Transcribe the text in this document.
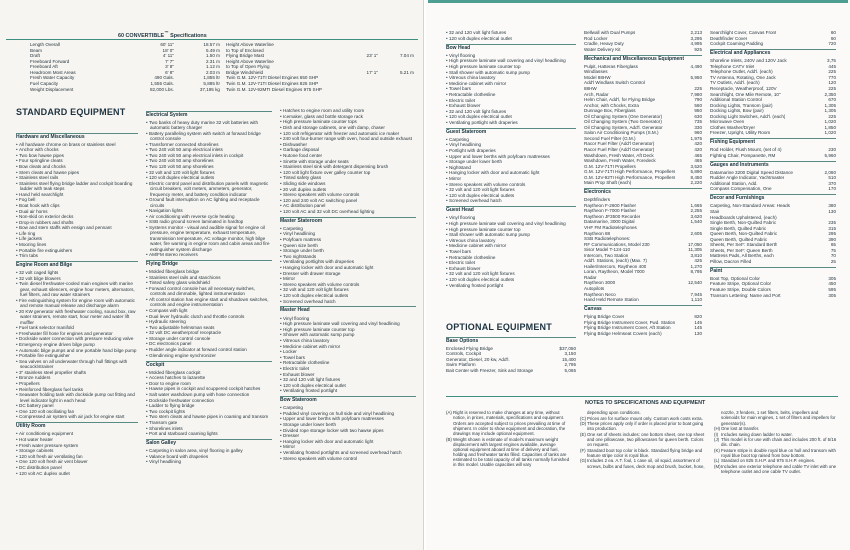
60 CONVERTIBLE™ Specifications
Length Overall	60' 11"	18.57 m
Beam	18' 0"	5.49 m
Draft	4' 11"	1.50 m
Freeboard Forward	7' 7"	2.31 m
Freeboard Aft	3' 8"	1.12 m
Headroom Most Areas	6' 8"	2.03 m
Fresh Water Capacity	490 Gals.	1,855 ltr
Fuel Capacity	1,555 Gals.	5,885 ltr
Weight Displacement	82,000 Lbs.	37,195 kg
Height Above Waterline
to Top of Enclosed
Flying Bridge Mast	23' 1"	7.04 m
Height Above Waterline
to Top of Open Flying
Bridge Windshield	17' 1"	5.21 m
Twin G.M. 12V-71TI Diesel Engines 650 SHP
Twin G.M. 12V-71TI Diesel Engines 825 SHP
Twin G.M. 12V-92MTI Diesel Engines 975 SHP
STANDARD EQUIPMENT
Hardware and Miscellaneous
• All hardware chrome on brass or stainless steel
• Anchor with chocks
• Two bow hawse pipes
• Four springline cleats
• Bow cleats and chocks
• Stern cleats and hawse pipes
• Stainless steel rails
• Stainless steel flying bridge ladder and cockpit boarding ladder with teak steps
• Hand held searchlight
• Fog bell
• Boat hook with clips
• Dual air horns
• Non-skid on exterior decks
• Drop-in rubbers and shafts
• Bow and stern staffs with ensign and pennant
• Life ring
• Life jackets
• Mooring lines
• Portable fire extinguishers
• Trim tabs
Engine Room and Bilge
• 32 volt caged lights
• 32 volt bilge blowers
• Twin diesel freshwater-cooled main engines with marine gear, exhaust silencers, engine hour meters, alternators, fuel filters, and raw water strainers
• Fire extinguishing system for engine room with automatic and remote manual release and discharge alarm
• 20 KW generator with freshwater cooling, sound box, raw water strainers, remote start, hour meter and water lift muffler
• Fuel tank selector manifold
• Freshwater fill hose for engines and generator
• Dockside water connection with pressure reducing valve
• Emergency engine driven bilge pump
• Automatic bilge pumps and one portable hand bilge pump
• Portable fire extinguisher
• Sea valves on all underwater through hull fittings with seacock/strainer
• 3" stainless steel propeller shafts
• Bronze rudders
• Propellers
• Reinforced fiberglass fuel tanks
• Seawater holding tank with dockside pump out fitting and level indicator light in each head
• DC battery panel
• One 120 volt oscillating fan
• Compressed air system with air jack for engine start
Utility Room
• Air conditioning equipment
• Hot water heater
• Fresh water pressure system
• Storage cabinets
• 120 volt fresh air ventilating fan
• One 120 volt fresh air vent blower
• DC distribution panel
• 120 volt AC duplex outlet
Electrical System
• Two banks of heavy duty marine 32 volt batteries with automatic battery charger
• Battery paralleling system with switch at forward bridge control console
• Transformer connected shorelines
• Two 240 volt 50 amp electrical inlets
• Two 240 volt 50 amp electrical inlets in cockpit
• Two 240 volt 50 amp shorelines
• Two 120 volt 50 amp shorelines
• 32 volt and 120 volt light fixtures
• 120 volt duplex electrical outlets
• Electric control panel and distribution panels with magnetic circuit breakers, volt meters, ammeters, generator, frequency meter, and battery condition indicator
• Ground fault interruption on AC lighting and receptacle circuits
• Navigation lights
• Air conditioning with reverse cycle heating
• SSB radio ground screen laminated in hardtop
• Systems monitor - visual and audible signal for engine oil pressure, engine temperature, exhaust temperature, transmission temperature, AC voltage monitor, high bilge water, fire warning in engine room and cabin areas and fire extinguisher system discharge
• AM/FM stereo receivers
Flying Bridge
• Molded fiberglass bridge
• Stainless steel rails and stanchions
• Tinted safety glass windshield
• Forward control console has all necessary switches, controls and dimmable, lighted instrumentation
• Aft control station has engine start and shutdown switches, controls and engine instrumentation
• Compass with light
• Dual lever hydraulic clutch and throttle controls
• Hydraulic steering
• Two adjustable helmsman seats
• 32 volt DC weatherproof receptacle
• Storage under control console
• DC electronics panel
• Rudder angle indicator at forward control station
• Glendinning engine synchronizer
Cockpit
• Molded fiberglass cockpit
• Access hatches to lazarette
• Door to engine room
• Hawse pipes in cockpit and scuppered cockpit hatches
• Salt water washdown pump with hose connection
• Dockside freshwater connection
• Ladder to flying bridge
• Two cockpit lights
• Two stern cleats and hawse pipes in coaming and transom
• Transom gate
• Shorelines inlets
• Port and starboard coaming lights
Salon Galley
• Carpeting in salon area, vinyl flooring in galley
• Valance board with draperies
• Vinyl headlining
• Hatches to engine room and utility room
• Icemaker, glass and bottle storage rack
• High pressure laminate counter tops
• Dish and storage cabinets, one with damp, chaser
• 120 volt refrigerator with freezer and automatic ice maker
• 240 volt four-burner range with oven, hood and outside exhaust
• Dishwasher
• Garbage disposal
• Nutone food center
• Sinette with storage under seats
• Stainless steel sink with detergent dispensing brush
• 120 volt light fixture over galley counter top
• Tinted safety glass
• Sliding side windows
• 20 volt duplex outlets
• Stereo speakers with volume controls
• 120 and 240 volt AC switching panel
• AC distribution panel
• 120 volt AC and 32 volt DC overhead lighting
Master Stateroom
• Carpeting
• Vinyl headlining
• Polyfoam mattress
• Queen size berth
• Storage under berth
• Two nightstands
• Ventilating portlights with draperies
• Hanging locker with door and automatic light
• Dresser with drawer storage
• Mirror
• Stereo speakers with volume controls
• 32 volt and 120 volt light fixtures
• 120 volt duplex electrical outlets
• Screened overhead hatch
Master Head
• Vinyl flooring
• High pressure laminate wall covering and vinyl headlining
• High pressure laminate counter top
• Shower with automatic sump pump
• Vitreous china lavatory
• Medicine cabinet with mirror
• Locker
• Towel bars
• Retractable clothesline
• Electric toilet
• Exhaust blower
• 32 and 120 volt light fixtures
• 120 volt duplex electrical outlet
• Ventilating frosted portlight
Bow Stateroom
• Carpeting
• Padded vinyl covering on hull side and vinyl headlining
• Upper and lower berths with polyfoam mattresses
• Storage under lower berth
• Divided rope storage locker with two hawse pipes
• Dresser
• Hanging locker with door and automatic light
• Mirror
• Ventilating frosted portlights and screened overhead hatch
• Stereo speakers with volume control
• 32 and 120 volt light fixtures
• 120 volt duplex electrical outlet
Bow Head
• Vinyl flooring
• High pressure laminate wall covering and vinyl headlining
• High pressure laminate counter top
• Stall shower with automatic sump pump
• Vitreous china lavatory
• Medicine cabinet with mirror
• Towel bars
• Retractable clothesline
• Electric toilet
• Exhaust blower
• 32 and 120 volt light fixtures
• 120 volt duplex electrical outlet
• Ventilating portlight with draperies
Guest Stateroom
• Carpeting
• Vinyl headlining
• Portlight with draperies
• Upper and lower berths with polyfoam mattresses
• Storage under lower berth
• Nightstand
• Hanging locker with door and automatic light
• Mirror
• Stereo speakers with volume controls
• 32 volt and 120 volt light fixtures
• 120 volt duplex electrical outlets
• Screened overhead hatch
Guest Head
• Vinyl flooring
• High pressure laminate wall covering and vinyl headlining
• High pressure laminate counter top
• Stall shower with automatic sump pump
• Vitreous china lavatory
• Medicine cabinet with mirror
• Towel bars
• Retractable clothesline
• Electric toilet
• Exhaust blower
• 32 volt and 120 volt light fixtures
• 120 volt duplex electrical outlets
• Ventilating frosted portlight
OPTIONAL EQUIPMENT
Base Options
Enclosed Flying Bridge	$37,050
Controls, Cockpit	3,150
Generator, Diesel, 20 kw, Add'l.	15,400
Swim Platform	2,795
Bait Center with Freezer, Sink and Storage	5,065
Bellwall with Dual Pumps	2,213
Rod Locker	3,295
Cradle, Heavy Duty	4,995
Water Delivery Kit	925
Mechanical and Miscellaneous Equipment
Pulpit, Hatteras Fiberglass	4,490
Windlasses
Model 88HW	5,950
Add'l Windlass Switch Control
88HW	225
Arch, Radar	7,980
Helm Chair, Add'l, for Flying Bridge	790
Anchor, with Chocks, Extra	560
Dunnage Box, Fiberglass	950
Oil Changing System (One Generator)	630
Oil Changing System (Two Generator)	735
Oil Changing System, Add'l. Generator	330
Salon Air Conditioning Pumps (S.M.)	960
Second Fuel Filter (G.M.)	1,975
Racor Fuel Filter (Add'l Generator)	420
Racor Fuel Filter (Add'l Generator)	420
Washdown, Fresh Water, Aft Deck	465
Washdown, Fresh Water, Foredeck	465
G.M. 12V-71TI Propellers	3,520
G.M. 12V-71TI High Performance, Propellers	5,890
G.M. 12V-92TI High Performance, Propellers	8,450
Main Prop Shaft (each)	2,220
Electronics
Depthfinders
Raytheon F-2600 Flasher	1,665
Raytheon F-7000 Flasher	2,255
Raytheon JF3500 Recorder	3,620
Datamarine, 3000 Digital	1,540
VHF FM Radiotelephones
Raytheon 88	2,605
SSB Radiotelephones:
RF Communications, Model 230	17,050
Sisor Model T-124-110	11,305
Intercom, Two Station	3,810
Add'l. Stations, (each) (Max. 7)	425
Hailer/Intercom, Raytheon 400	1,270
Loran, Raytheon, Model 7000	8,795
Radar
Raytheon 3000	12,540
Autopilots
Raytheon Neco	7,945
Hand Held Remote Station	1,110
Canvas
Flying Bridge Cover	820
Flying Bridge Instrument Cover, Fwd. Station	145
Flying Bridge Instrument Cover, Aft Station	145
Flying Bridge Helmseat Covers (each)	130
Searchlight Cover, Canvas Front	60
Deathfinder Cover	60
Cockpit Coaming Padding	720
Electrical and Appliances
Shoreline Inlets, 240V and 120V Jack	3,75
Telephone CATV Inlet	445
Telephone Outlet, Add'l. (each)	225
TV Antenna, Rotating, One Jack	770
TV Outlets, Add'l. (each)	120
Receptacle, Weatherproof, 120V	225
Searchlight, One Mile Remote, 10"	2,350
Additional Station Control	670
Docking Lights, Transom (pair)	1,305
Docking Lights, Bow (pair)	1,305
Docking Light Switches, Add'l. (each)	225
Microwave Oven	1,020
Clothes Washer/Dryer	1,850
Freezer, Upright, Utility Room	1,020
Fishing Equipment
Rod Holder, Flush Mount, (set of 4)	230
Fighting Chair, Pompanette, RM	5,960
Gauges and Instruments
Datamarine 3200 Digital Speed Distance	2,060
Rudder Angle Indicator, Yachtmaster	510
Additional Station, Add.	370
Compass Compensation, One	170
Decor and Furnishings
Carpeting, Non-Standard Areas: Heads	380
Stair	130
Headboards Upholstered, (each)
Single Berth, Non-Quilted Fabric	235
Single Berth, Quilted Fabric	315
Queen Berth, Non-Quilted Fabric	295
Queen Berth, Quilted Fabric	390
Sheets, Per Set*: Standard Berth	65
Sheets, Per Set*: Queen Berth	75
Mattress Pads, All Berths, each	70
Pillow, Dacron Filled	25
Paint
Boot Top, Optional Color	305
Feature Stripe, Optional Color	450
Feature Stripe, Double Colors	595
Transom Lettering: Name and Port	305
NOTES TO SPECIFICATIONS AND EQUIPMENT
(A)Right is reserved to make changes at any time, without notice, in prices, materials, specifications and equipment. Orders are accepted subject to prices prevailing at time of shipment. In order to show equipment and decoration, the drawings may include optional equipment.
(B)Weight shown is estimate of model's maximum weight displacement with largest engines available, average optional equipment aboard at time of delivery and fuel, holding and freshwater tanks filled. Capacities of tanks are estimated to be total capacity of all tanks normally furnished in this model. Usable capacities will vary
depending upon conditions.
(C)Prices are for surface mount only. Custom work costs extra.
(D)These prices apply only if order is placed prior to boat going into production.
(E)One set of sheets includes: one bottom sheet, one top sheet and one pillowcase, two pillowcases for queen berth. Colors on request.
(F)Standard boot top color is black. Standard flying bridge and feature stripe color is royal blue.
(G)Includes 2 ea. A.T. foul, 1 case oil, oil squid, assortment of screws, bulbs and fuses, deck mop and brush, bucket, hose,
nozzle, 3 fenders, 1 set filters, belts, impellers and solenoids for main engines, 1 set of filters and impellers for generator(s).
(H)One lost at transfer.
(I) Includes swing down ladder to water.
(J) This model is for use with chain and includes 200 ft. of 5/16 dis. chain.
(K)Feature stripe is double royal blue on hull and transom with royal blue boot top raised from bow bottom.
(L) Standard on 825 S.H.P. and 975 S.H.P. engines.
(M)Includes one exterior telephone and cable TV inlet with one telephone outlet and one cable TV outlet.
